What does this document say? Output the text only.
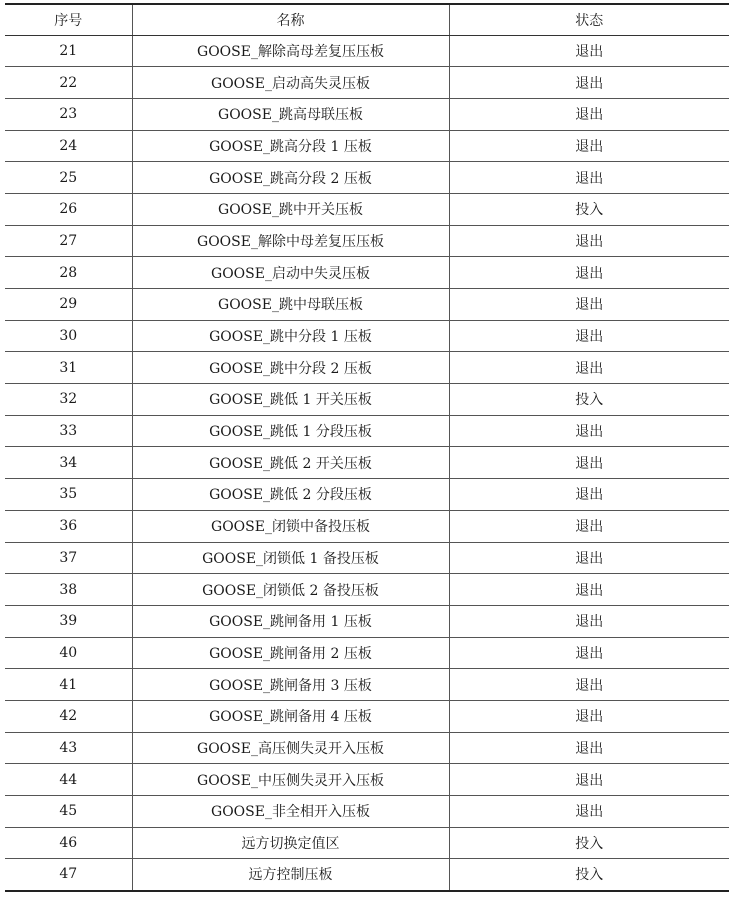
序号	名称	状态
21	GOOSE_解除高母差复压压板	退出
22	GOOSE_启动高失灵压板	退出
23	GOOSE_跳高母联压板	退出
24	GOOSE_跳高分段 1 压板	退出
25	GOOSE_跳高分段 2 压板	退出
26	GOOSE_跳中开关压板	投入
27	GOOSE_解除中母差复压压板	退出
28	GOOSE_启动中失灵压板	退出
29	GOOSE_跳中母联压板	退出
30	GOOSE_跳中分段 1 压板	退出
31	GOOSE_跳中分段 2 压板	退出
32	GOOSE_跳低 1 开关压板	投入
33	GOOSE_跳低 1 分段压板	退出
34	GOOSE_跳低 2 开关压板	退出
35	GOOSE_跳低 2 分段压板	退出
36	GOOSE_闭锁中备投压板	退出
37	GOOSE_闭锁低 1 备投压板	退出
38	GOOSE_闭锁低 2 备投压板	退出
39	GOOSE_跳闸备用 1 压板	退出
40	GOOSE_跳闸备用 2 压板	退出
41	GOOSE_跳闸备用 3 压板	退出
42	GOOSE_跳闸备用 4 压板	退出
43	GOOSE_高压侧失灵开入压板	退出
44	GOOSE_中压侧失灵开入压板	退出
45	GOOSE_非全相开入压板	退出
46	远方切换定值区	投入
47	远方控制压板	投入
